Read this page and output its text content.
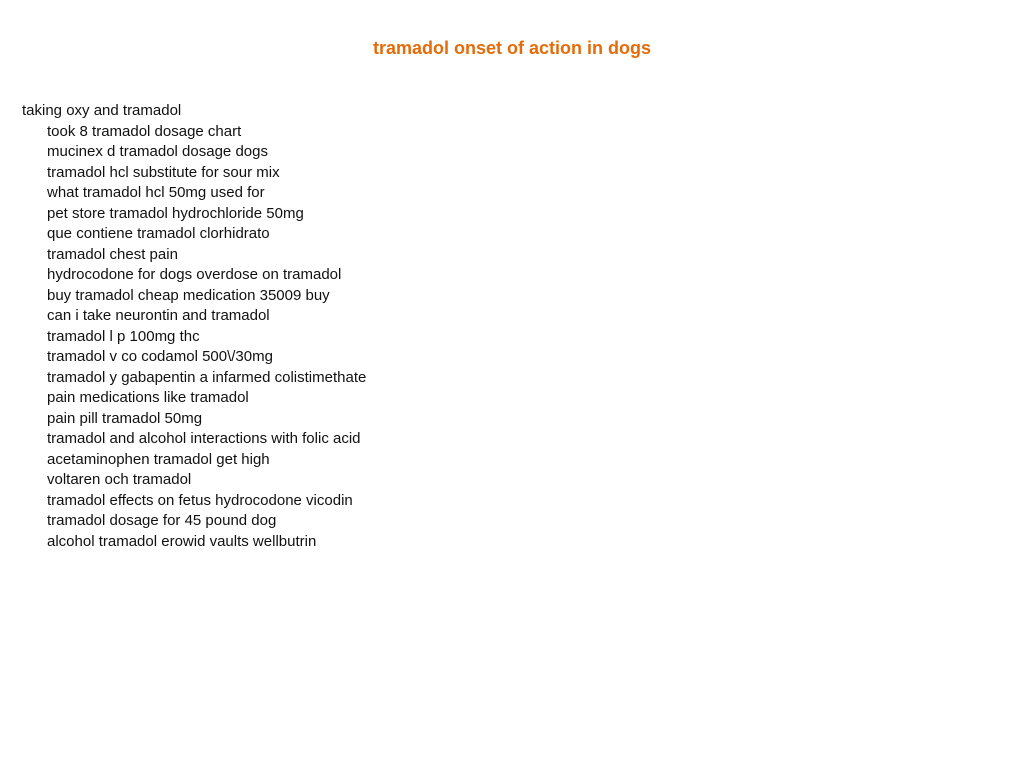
tramadol onset of action in dogs

taking oxy and tramadol

took 8 tramadol dosage chart
mucinex d tramadol dosage dogs
tramadol hcl substitute for sour mix
what tramadol hcl 50mg used for
pet store tramadol hydrochloride 50mg
que contiene tramadol clorhidrato
tramadol chest pain
hydrocodone for dogs overdose on tramadol
buy tramadol cheap medication 35009 buy
can i take neurontin and tramadol
tramadol l p 100mg thc
tramadol v co codamol 500\/30mg
tramadol y gabapentin a infarmed colistimethate
pain medications like tramadol
pain pill tramadol 50mg
tramadol and alcohol interactions with folic acid
acetaminophen tramadol get high
voltaren och tramadol
tramadol effects on fetus hydrocodone vicodin
tramadol dosage for 45 pound dog
alcohol tramadol erowid vaults wellbutrin
